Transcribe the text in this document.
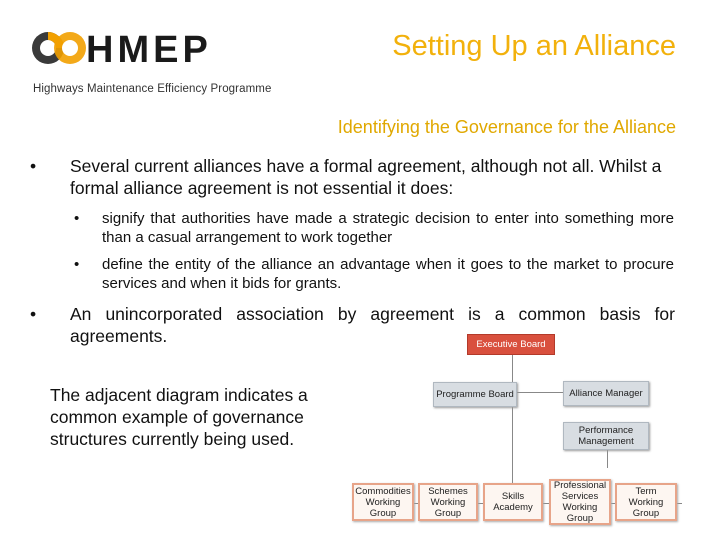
HMEP
Highways Maintenance Efficiency Programme
Setting Up an Alliance
Identifying the Governance for the Alliance
• Several current alliances have a formal agreement, although not all. Whilst a formal alliance agreement is not essential it does:
• signify that authorities have made a strategic decision to enter into something more than a casual arrangement to work together
• define the entity of the alliance an advantage when it goes to the market to procure services and when it bids for grants.
• An unincorporated association by agreement is a common basis for agreements.
The adjacent diagram indicates a common example of governance structures currently being used.
Executive Board
Programme Board	Alliance Manager
Performance Management
Commodities Working Group
Schemes Working Group
Skills Academy
Professional Services Working Group
Term Working Group
